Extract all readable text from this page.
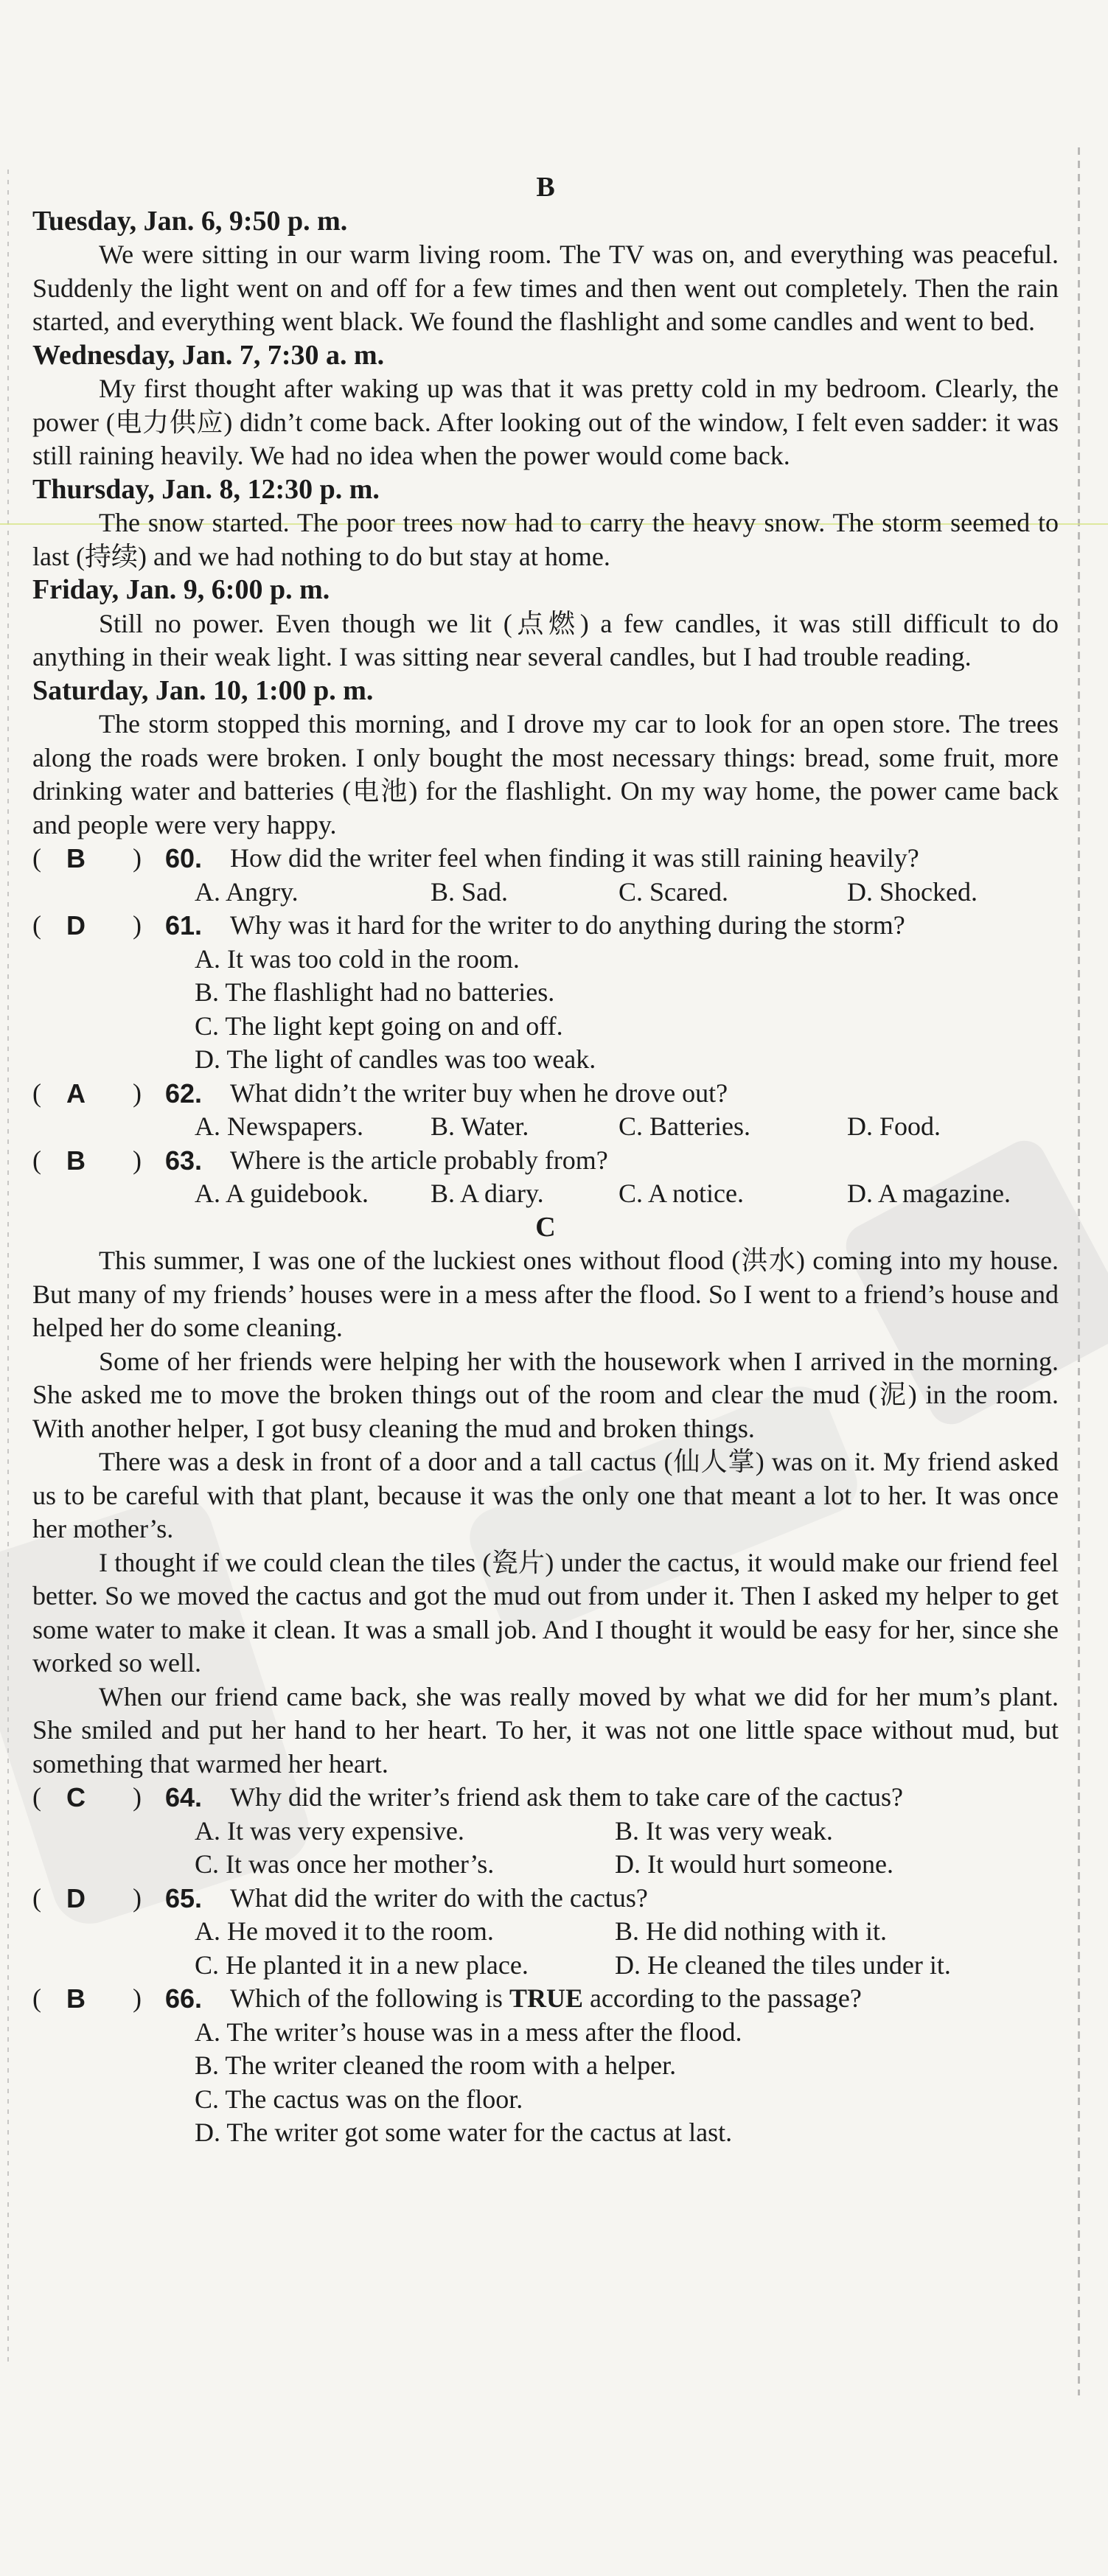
B
Tuesday, Jan. 6, 9:50 p. m.

We were sitting in our warm living room. The TV was on, and everything was peaceful. Suddenly the light went on and off for a few times and then went out completely. Then the rain started, and everything went black. We found the flashlight and some candles and went to bed.

Wednesday, Jan. 7, 7:30 a. m.

My first thought after waking up was that it was pretty cold in my bedroom. Clearly, the power (电力供应) didn’t come back. After looking out of the window, I felt even sadder: it was still raining heavily. We had no idea when the power would come back.

Thursday, Jan. 8, 12:30 p. m.

The snow started. The poor trees now had to carry the heavy snow. The storm seemed to last (持续) and we had nothing to do but stay at home.

Friday, Jan. 9, 6:00 p. m.

Still no power. Even though we lit (点燃) a few candles, it was still difficult to do anything in their weak light. I was sitting near several candles, but I had trouble reading.

Saturday, Jan. 10, 1:00 p. m.

The storm stopped this morning, and I drove my car to look for an open store. The trees along the roads were broken. I only bought the most necessary things: bread, some fruit, more drinking water and batteries (电池) for the flashlight. On my way home, the power came back and people were very happy.

( B ) 60. How did the writer feel when finding it was still raining heavily?
A. Angry.	B. Sad.	C. Scared.	D. Shocked.
( D ) 61. Why was it hard for the writer to do anything during the storm?
A. It was too cold in the room.
B. The flashlight had no batteries.
C. The light kept going on and off.
D. The light of candles was too weak.
( A ) 62. What didn’t the writer buy when he drove out?
A. Newspapers.	B. Water.	C. Batteries.	D. Food.
( B ) 63. Where is the article probably from?
A. A guidebook. B. A diary.	C. A notice.	D. A magazine.
C

This summer, I was one of the luckiest ones without flood (洪水) coming into my house. But many of my friends’ houses were in a mess after the flood. So I went to a friend’s house and helped her do some cleaning.

Some of her friends were helping her with the housework when I arrived in the morning. She asked me to move the broken things out of the room and clear the mud (泥) in the room. With another helper, I got busy cleaning the mud and broken things.

There was a desk in front of a door and a tall cactus (仙人掌) was on it. My friend asked us to be careful with that plant, because it was the only one that meant a lot to her. It was once her mother’s.

I thought if we could clean the tiles (瓷片) under the cactus, it would make our friend feel better. So we moved the cactus and got the mud out from under it. Then I asked my helper to get some water to make it clean. It was a small job. And I thought it would be easy for her, since she worked so well.

When our friend came back, she was really moved by what we did for her mum’s plant. She smiled and put her hand to her heart. To her, it was not one little space without mud, but something that warmed her heart.

( C ) 64. Why did the writer’s friend ask them to take care of the cactus?
A. It was very expensive.	B. It was very weak.
C. It was once her mother’s.	D. It would hurt someone.
( D ) 65. What did the writer do with the cactus?
A. He moved it to the room.	B. He did nothing with it.
C. He planted it in a new place.	D. He cleaned the tiles under it.
( B ) 66. Which of the following is TRUE according to the passage?
A. The writer’s house was in a mess after the flood.
B. The writer cleaned the room with a helper.
C. The cactus was on the floor.
D. The writer got some water for the cactus at last.
